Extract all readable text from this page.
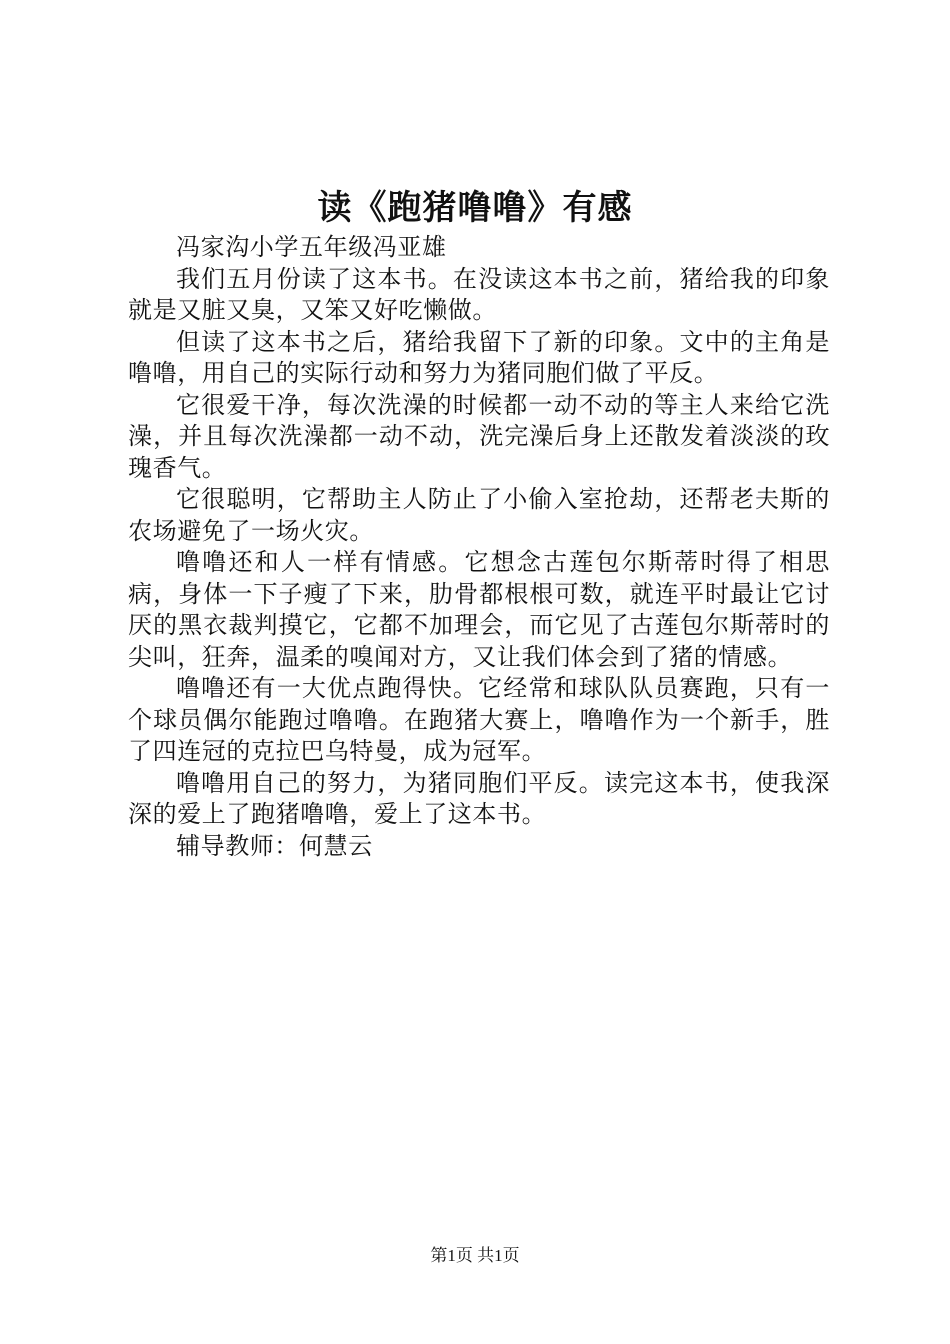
读《跑猪噜噜》有感

冯家沟小学五年级冯亚雄

我们五月份读了这本书。在没读这本书之前，猪给我的印象就是又脏又臭，又笨又好吃懒做。

但读了这本书之后，猪给我留下了新的印象。文中的主角是噜噜，用自己的实际行动和努力为猪同胞们做了平反。

它很爱干净，每次洗澡的时候都一动不动的等主人来给它洗澡，并且每次洗澡都一动不动，洗完澡后身上还散发着淡淡的玫瑰香气。

它很聪明，它帮助主人防止了小偷入室抢劫，还帮老夫斯的农场避免了一场火灾。

噜噜还和人一样有情感。它想念古莲包尔斯蒂时得了相思病，身体一下子瘦了下来，肋骨都根根可数，就连平时最让它讨厌的黑衣裁判摸它，它都不加理会，而它见了古莲包尔斯蒂时的尖叫，狂奔，温柔的嗅闻对方，又让我们体会到了猪的情感。

噜噜还有一大优点跑得快。它经常和球队队员赛跑，只有一个球员偶尔能跑过噜噜。在跑猪大赛上，噜噜作为一个新手，胜了四连冠的克拉巴乌特曼，成为冠军。

噜噜用自己的努力，为猪同胞们平反。读完这本书，使我深深的爱上了跑猪噜噜，爱上了这本书。

辅导教师：何慧云

第1页 共1页
